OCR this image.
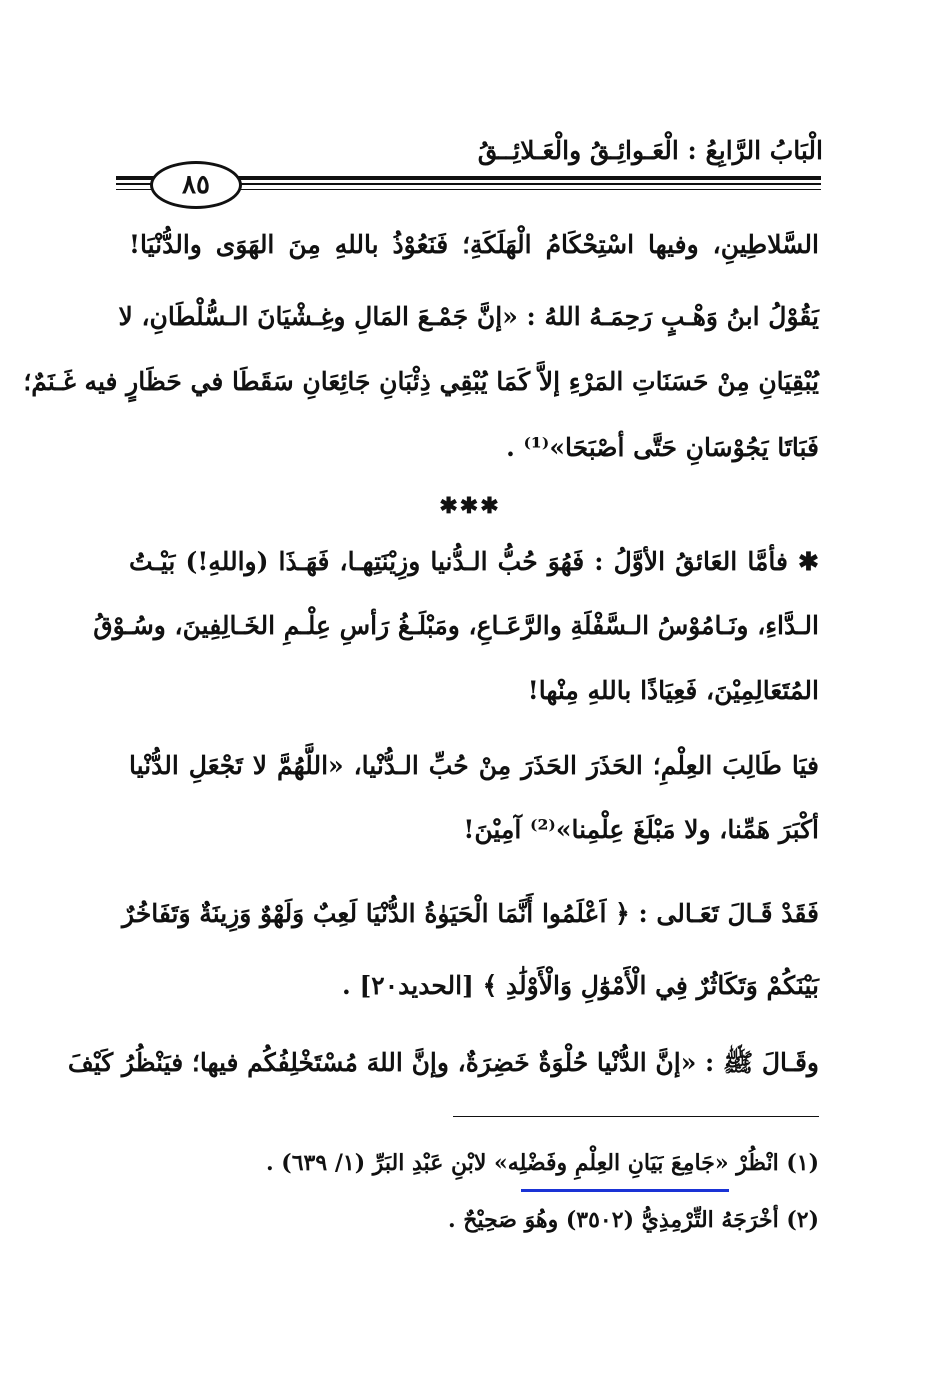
الْبَابُ الرَّابِعُ : الْعَـوائِـقُ والْعَـلائِــقُ
٨٥
السَّلاطِينِ، وفيها اسْتِحْكَامُ الْهَلَكَةِ؛ فَنَعُوْذُ باللهِ مِنَ الهَوَى والدُّنْيَا!
يَقُوْلُ ابنُ وَهْـبٍ رَحِمَـهُ اللهُ : «إنَّ جَمْـعَ المَالِ وغِـشْيَانَ الـسُّلْطَانِ، لا
يُبْقِيَانِ مِنْ حَسَنَاتِ المَرْءِ إلاَّ كَمَا يُبْقِي ذِئْبَانِ جَائِعَانِ سَقَطَا في حَظَارٍ فيه غَـنَمٌ؛
فَبَاتَا يَجُوْسَانِ حَتَّى أصْبَحَا»⁽¹⁾ .
✱✱✱
✱ فأمَّا العَائقُ الأوَّلُ : فَهُوَ حُبُّ الـدُّنيا وزِيْنَتِهـا، فَهَـذَا (واللهِ!) بَيْـتُ
الـدَّاءِ، ونَـامُوْسُ الـسَّفْلَةِ والرَّعَـاعِ، ومَبْلَـغُ رَأسِ عِلْـمِ الخَـالِفِينَ، وسُـوْقُ
المُتَعَالِمِيْنَ، فَعِيَاذًا باللهِ مِنْها!
فيَا طَالِبَ العِلْمِ؛ الحَذَرَ الحَذَرَ مِنْ حُبِّ الـدُّنْيا، «اللَّهُمَّ لا تَجْعَلِ الدُّنْيا
أكْبَرَ هَمِّنا، ولا مَبْلَغَ عِلْمِنا»⁽²⁾ آمِيْنَ!
فَقَدْ قَـالَ تَعَـالى : ﴿ اَعْلَمُوا أَنَّمَا الْحَيَوٰةُ الدُّنْيَا لَعِبٌ وَلَهْوٌ وَزِينَةٌ وَتَفَاخُرٌ
بَيْنَكُمْ وَتَكَاثُرٌ فِي الْأَمْوَٰلِ وَالْأَوْلَٰدِ ﴾ [الحديد٢٠] .
وقَـالَ ﷺ : «إنَّ الدُّنْيا حُلْوَةٌ خَضِرَةٌ، وإنَّ اللهَ مُسْتَخْلِفُكُم فيها؛ فيَنْظُرُ كَيْفَ
(١) انْظُرْ «جَامِعَ بَيَانِ العِلْمِ وفَضْلِه» لابْنِ عَبْدِ البَرِّ (١/ ٦٣٩) .
(٢) أخْرَجَهُ التِّرْمِذِيُّ (٣٥٠٢) وهُوَ صَحِيْحٌ .
